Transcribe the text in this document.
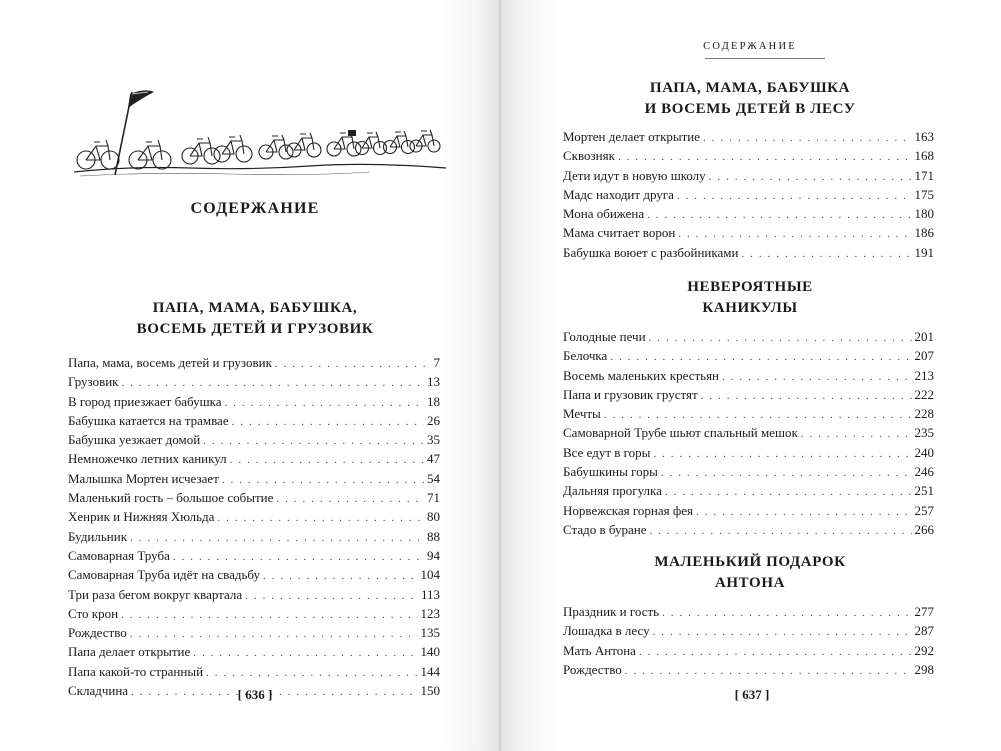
СОДЕРЖАНИЕ
ПАПА, МАМА, БАБУШКА,
ВОСЕМЬ ДЕТЕЙ И ГРУЗОВИК
Папа, мама, восемь детей и грузовик . . .	7
Грузовик . . .	13
В город приезжает бабушка . . .	18
Бабушка катается на трамвае . . .	26
Бабушка уезжает домой . . .	35
Немножечко летних каникул . . .	47
Малышка Мортен исчезает . . .	54
Маленький гость – большое событие . . .	71
Хенрик и Нижняя Хюльда . . .	80
Будильник . . .	88
Самоварная Труба . . .	94
Самоварная Труба идёт на свадьбу . . .	104
Три раза бегом вокруг квартала . . .	113
Сто крон . . .	123
Рождество . . .	135
Папа делает открытие . . .	140
Папа какой-то странный . . .	144
Складчина . . .	150
[ 636 ]
СОДЕРЖАНИЕ
ПАПА, МАМА, БАБУШКА
И ВОСЕМЬ ДЕТЕЙ В ЛЕСУ
Мортен делает открытие . . .	163
Сквозняк . . .	168
Дети идут в новую школу . . .	171
Мадс находит друга . . .	175
Мона обижена . . .	180
Мама считает ворон . . .	186
Бабушка воюет с разбойниками . . .	191
НЕВЕРОЯТНЫЕ
КАНИКУЛЫ
Голодные печи . . .	201
Белочка . . .	207
Восемь маленьких крестьян . . .	213
Папа и грузовик грустят . . .	222
Мечты . . .	228
Самоварной Трубе шьют спальный мешок . . .	235
Все едут в горы . . .	240
Бабушкины горы . . .	246
Дальняя прогулка . . .	251
Норвежская горная фея . . .	257
Стадо в буране . . .	266
МАЛЕНЬКИЙ ПОДАРОК
АНТОНА
Праздник и гость . . .	277
Лошадка в лесу . . .	287
Мать Антона . . .	292
Рождество . . .	298
[ 637 ]
